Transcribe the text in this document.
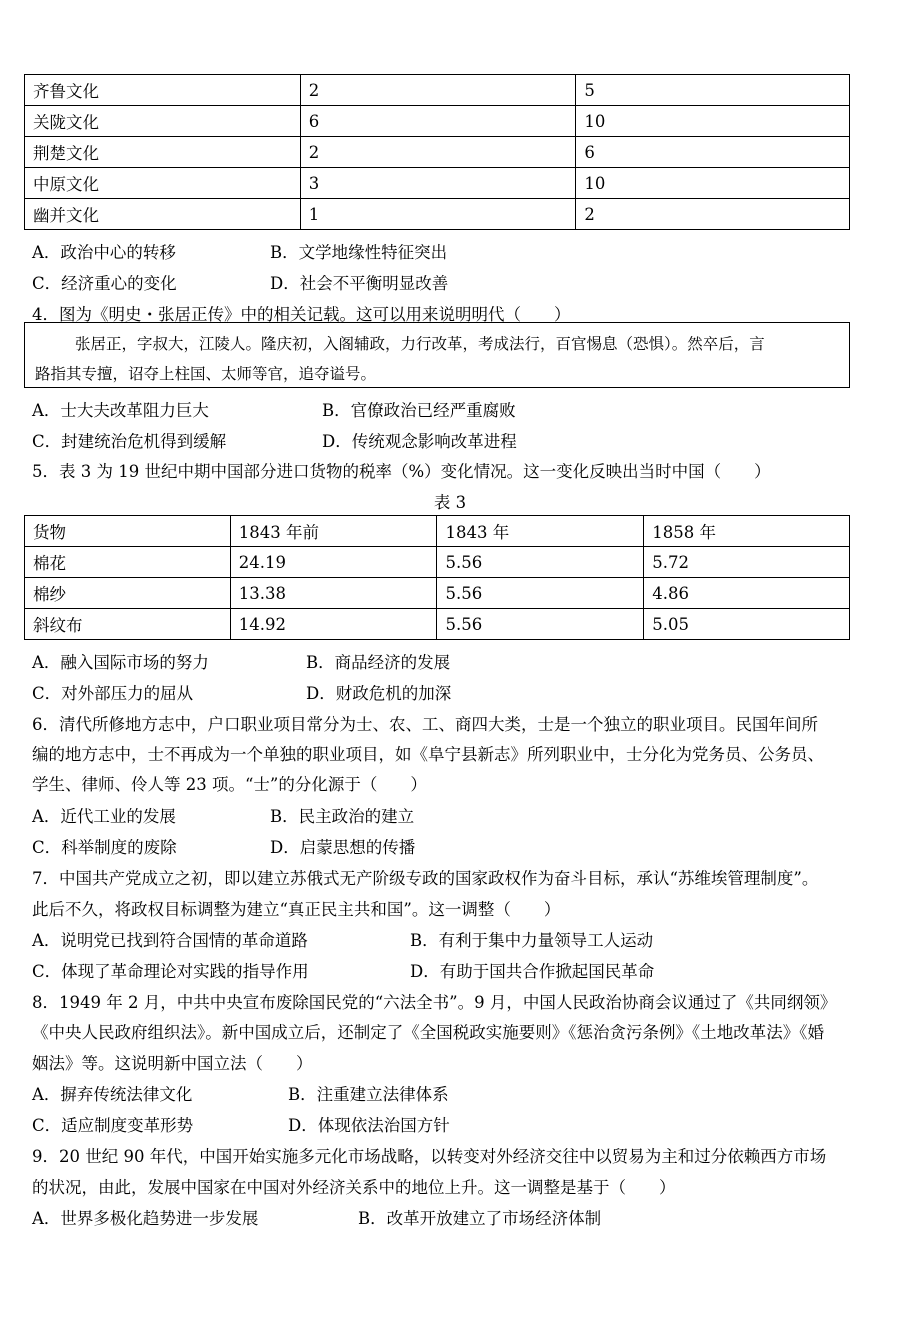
齐鲁文化	2	5
关陇文化	6	10
荆楚文化	2	6
中原文化	3	10
幽并文化	1	2
A．政治中心的转移	B．文学地缘性特征突出
C．经济重心的变化	D．社会不平衡明显改善
4．图为《明史・张居正传》中的相关记载。这可以用来说明明代（　　）
张居正，字叔大，江陵人。隆庆初，入阁辅政，力行改革，考成法行，百官惕息（恐惧）。然卒后，言
路指其专擅，诏夺上柱国、太师等官，追夺谥号。
A．士大夫改革阻力巨大	B．官僚政治已经严重腐败
C．封建统治危机得到缓解	D．传统观念影响改革进程
5．表 3 为 19 世纪中期中国部分进口货物的税率（%）变化情况。这一变化反映出当时中国（　　）
表 3
货物	1843 年前	1843 年	1858 年
棉花	24.19	5.56	5.72
棉纱	13.38	5.56	4.86
斜纹布	14.92	5.56	5.05
A．融入国际市场的努力	B．商品经济的发展
C．对外部压力的屈从	D．财政危机的加深
6．清代所修地方志中，户口职业项目常分为士、农、工、商四大类，士是一个独立的职业项目。民国年间所
编的地方志中，士不再成为一个单独的职业项目，如《阜宁县新志》所列职业中，士分化为党务员、公务员、
学生、律师、伶人等 23 项。“士”的分化源于（　　）
A．近代工业的发展	B．民主政治的建立
C．科举制度的废除	D．启蒙思想的传播
7．中国共产党成立之初，即以建立苏俄式无产阶级专政的国家政权作为奋斗目标，承认“苏维埃管理制度”。
此后不久，将政权目标调整为建立“真正民主共和国”。这一调整（　　）
A．说明党已找到符合国情的革命道路	B．有利于集中力量领导工人运动
C．体现了革命理论对实践的指导作用	D．有助于国共合作掀起国民革命
8．1949 年 2 月，中共中央宣布废除国民党的“六法全书”。9 月，中国人民政治协商会议通过了《共同纲领》
《中央人民政府组织法》。新中国成立后，还制定了《全国税政实施要则》《惩治贪污条例》《土地改革法》《婚
姻法》等。这说明新中国立法（　　）
A．摒弃传统法律文化	B．注重建立法律体系
C．适应制度变革形势	D．体现依法治国方针
9．20 世纪 90 年代，中国开始实施多元化市场战略，以转变对外经济交往中以贸易为主和过分依赖西方市场
的状况，由此，发展中国家在中国对外经济关系中的地位上升。这一调整是基于（　　）
A．世界多极化趋势进一步发展	B．改革开放建立了市场经济体制
